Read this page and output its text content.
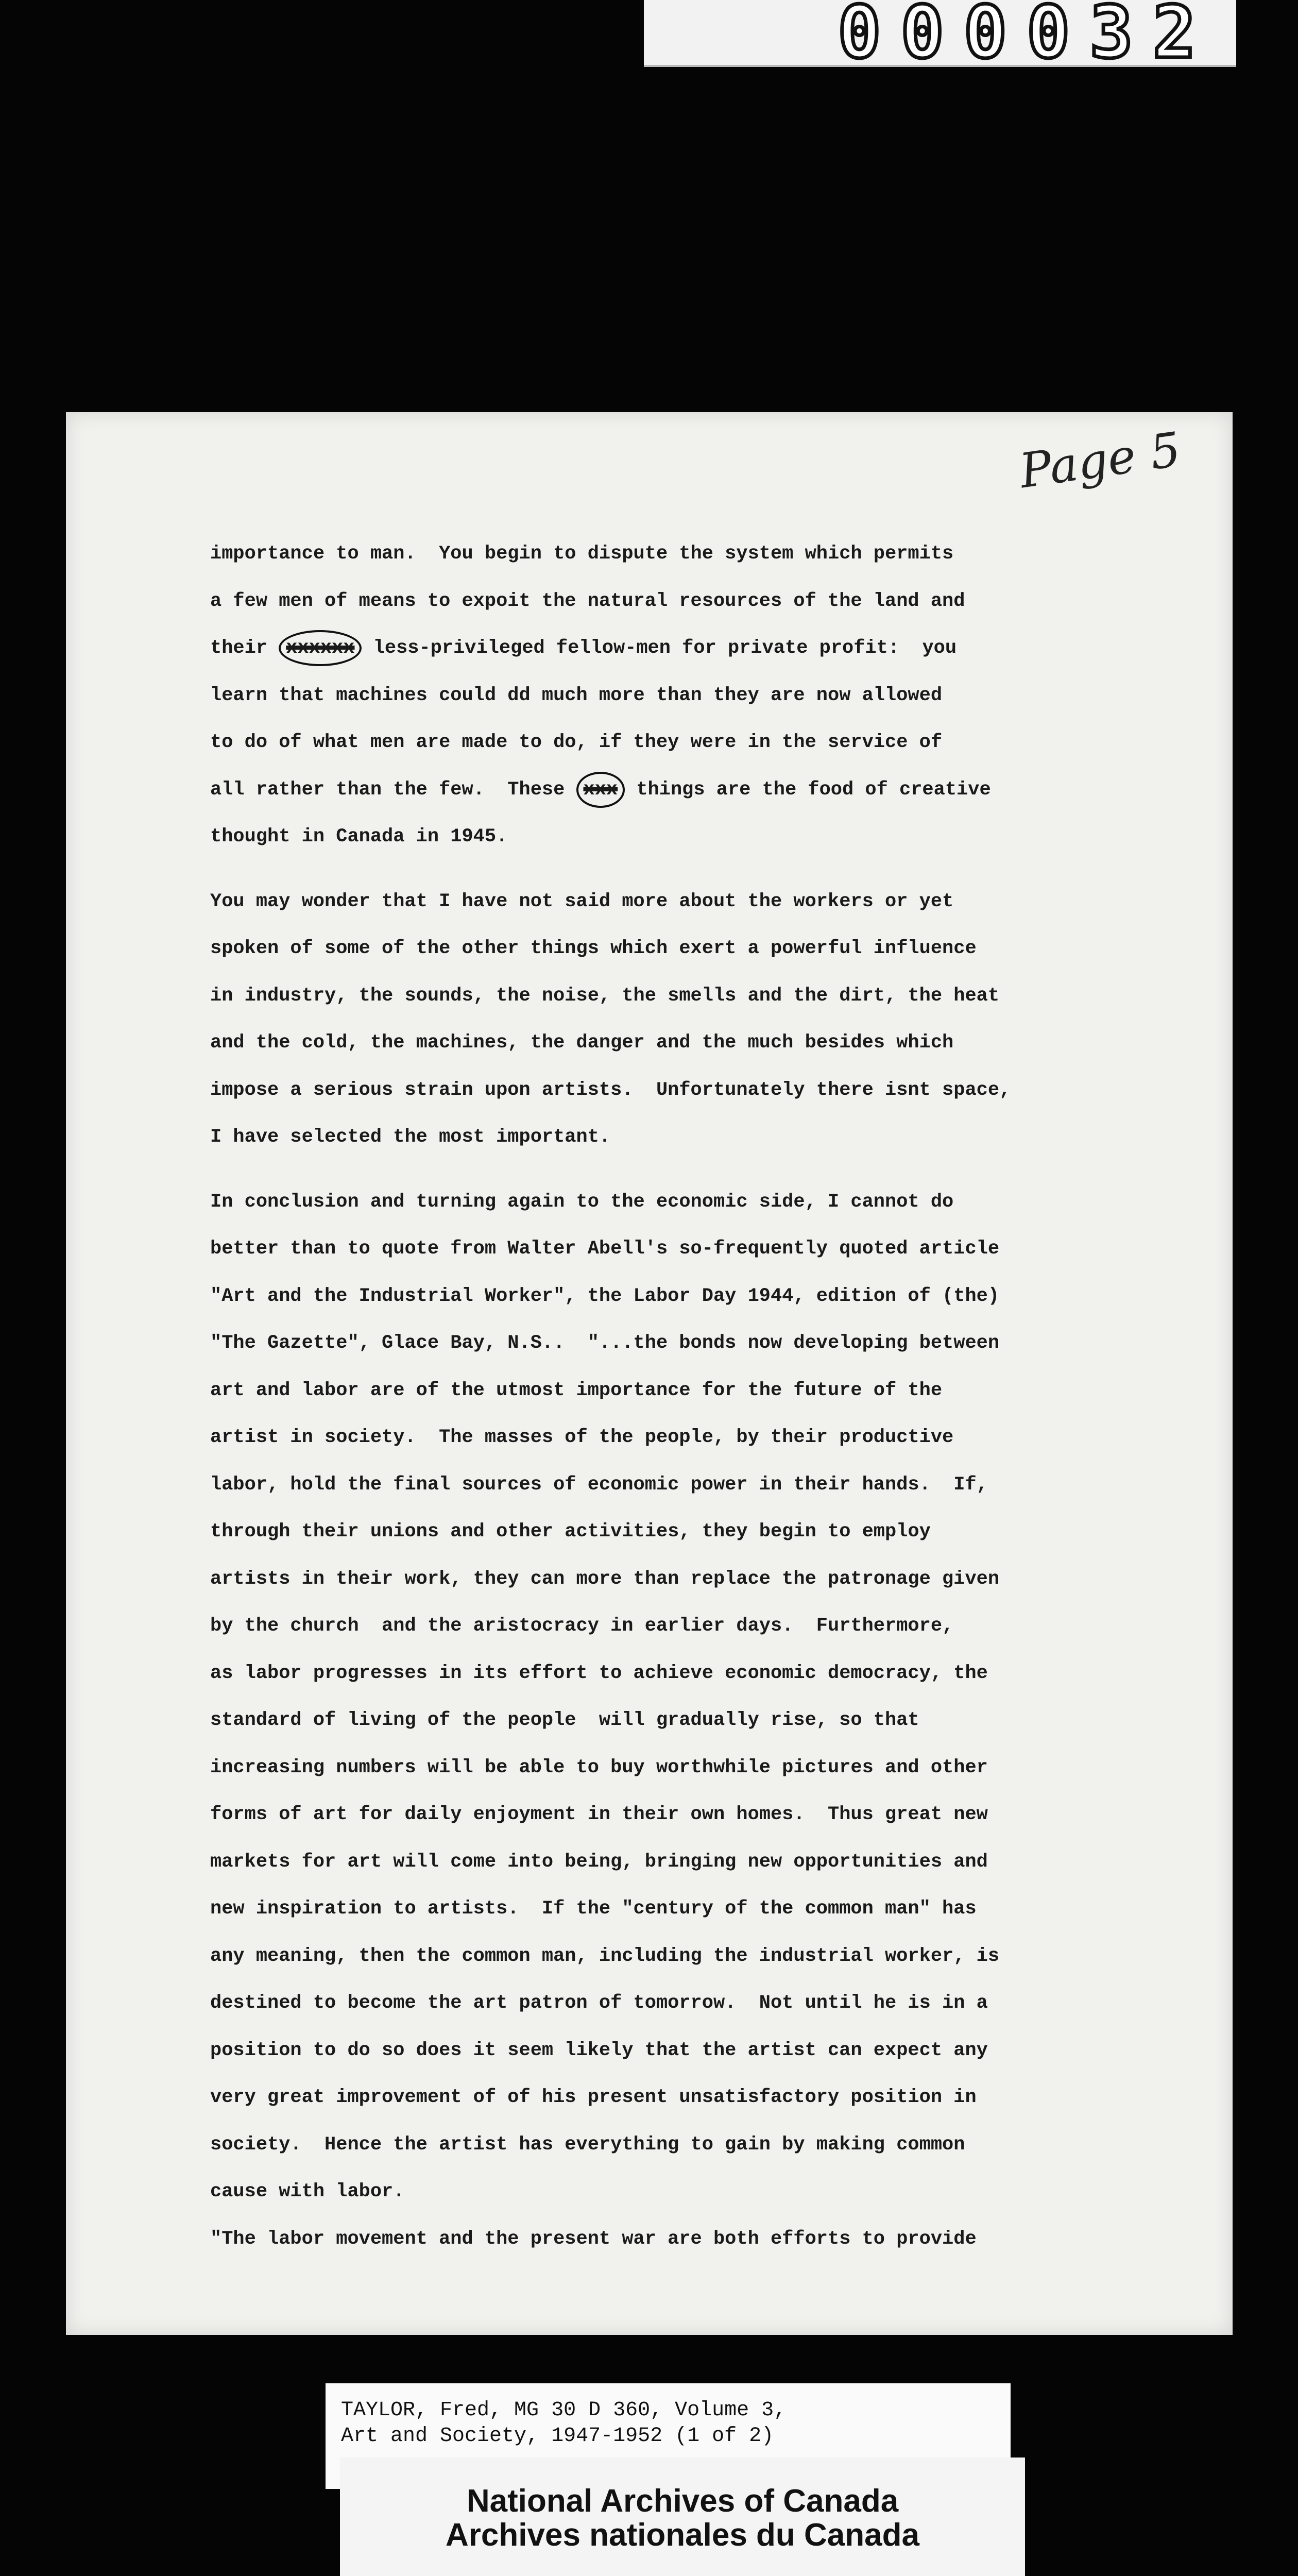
000032
Page 5
importance to man.  You begin to dispute the system which permits
a few men of means to expoit the natural resources of the land and
their xxxxxx less-privileged fellow-men for private profit:  you
learn that machines could dd much more than they are now allowed
to do of what men are made to do, if they were in the service of
all rather than the few.  These xxx things are the food of creative
thought in Canada in 1945.
You may wonder that I have not said more about the workers or yet
spoken of some of the other things which exert a powerful influence
in industry, the sounds, the noise, the smells and the dirt, the heat
and the cold, the machines, the danger and the much besides which
impose a serious strain upon artists.  Unfortunately there isnt space,
I have selected the most important.
In conclusion and turning again to the economic side, I cannot do
better than to quote from Walter Abell's so-frequently quoted article
"Art and the Industrial Worker", the Labor Day 1944, edition of (the)
"The Gazette", Glace Bay, N.S..  "...the bonds now developing between
art and labor are of the utmost importance for the future of the
artist in society.  The masses of the people, by their productive
labor, hold the final sources of economic power in their hands.  If,
through their unions and other activities, they begin to employ
artists in their work, they can more than replace the patronage given
by the church  and the aristocracy in earlier days.  Furthermore,
as labor progresses in its effort to achieve economic democracy, the
standard of living of the people  will gradually rise, so that
increasing numbers will be able to buy worthwhile pictures and other
forms of art for daily enjoyment in their own homes.  Thus great new
markets for art will come into being, bringing new opportunities and
new inspiration to artists.  If the "century of the common man" has
any meaning, then the common man, including the industrial worker, is
destined to become the art patron of tomorrow.  Not until he is in a
position to do so does it seem likely that the artist can expect any
very great improvement of of his present unsatisfactory position in
society.  Hence the artist has everything to gain by making common
cause with labor.
"The labor movement and the present war are both efforts to provide
TAYLOR, Fred, MG 30 D 360, Volume 3,
Art and Society, 1947-1952 (1 of 2)
National Archives of Canada
Archives nationales du Canada
